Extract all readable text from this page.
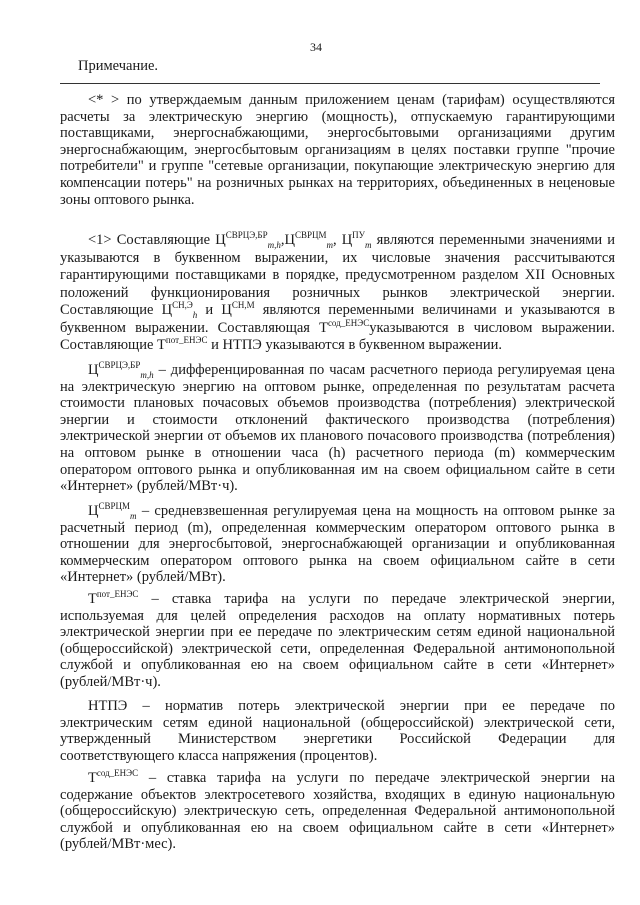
34
Примечание.
<* > по утверждаемым данным приложением ценам (тарифам) осуществляются
расчеты за электрическую энергию (мощность), отпускаемую гарантирующими
поставщиками, энергоснабжающими, энергосбытовыми организациями другим
энергоснабжающим, энергосбытовым организациям в целях поставки группе "прочие
потребители" и группе "сетевые организации, покупающие электрическую энергию для
компенсации потерь" на розничных рынках на территориях, объединенных в неценовые
зоны оптового рынка.
<1> Составляющие $Ц^{СВРЦЭ,БР}_{m,h},Ц^{СВРЦМ}_m$, $Ц^{ПУ}_m$ являются переменными значениями и
указываются в буквенном выражении, их числовые значения рассчитываются
гарантирующими поставщиками в порядке, предусмотренном разделом XII Основных
положений функционирования розничных рынков электрической энергии.
Составляющие $Ц^{СН,Э}_h$ и $Ц^{СН,М}$ являются переменными величинами и указываются в
буквенном выражении. Составляющая $Т^{сод\_ЕНЭС}указываются$ в числовом выражении.
Составляющие $Т^{пот\_ЕНЭС}$ и НТПЭ указываются в буквенном выражении.
$Ц^{СВРЦЭ,БР}_{m,h}$ – дифференцированная по часам расчетного периода регулируемая цена
на электрическую энергию на оптовом рынке, определенная по результатам расчета
стоимости плановых почасовых объемов производства (потребления) электрической
энергии и стоимости отклонений фактического производства (потребления)
электрической энергии от объемов их планового почасового производства (потребления)
на оптовом рынке в отношении часа (h) расчетного периода (m) коммерческим
оператором оптового рынка и опубликованная им на своем официальном сайте в сети
«Интернет» (рублей/МВт·ч).
$Ц^{СВРЦМ}_m$ – средневзвешенная регулируемая цена на мощность на оптовом рынке за
расчетный период (m), определенная коммерческим оператором оптового рынка в
отношении для энергосбытовой, энергоснабжающей организации и опубликованная
коммерческим оператором оптового рынка на своем официальном сайте в сети
«Интернет» (рублей/МВт).
$Т^{пот\_ЕНЭС}$ – ставка тарифа на услуги по передаче электрической энергии,
используемая для целей определения расходов на оплату нормативных потерь
электрической энергии при ее передаче по электрическим сетям единой национальной
(общероссийской) электрической сети, определенная Федеральной антимонопольной
службой и опубликованная ею на своем официальном сайте в сети «Интернет»
(рублей/МВт·ч).
НТПЭ – норматив потерь электрической энергии при ее передаче по
электрическим сетям единой национальной (общероссийской) электрической сети,
утвержденный Министерством энергетики Российской Федерации для
соответствующего класса напряжения (процентов).
$Т^{сод\_ЕНЭС}$ – ставка тарифа на услуги по передаче электрической энергии на
содержание объектов электросетевого хозяйства, входящих в единую национальную
(общероссийскую) электрическую сеть, определенная Федеральной антимонопольной
службой и опубликованная ею на своем официальном сайте в сети «Интернет»
(рублей/МВт·мес).
